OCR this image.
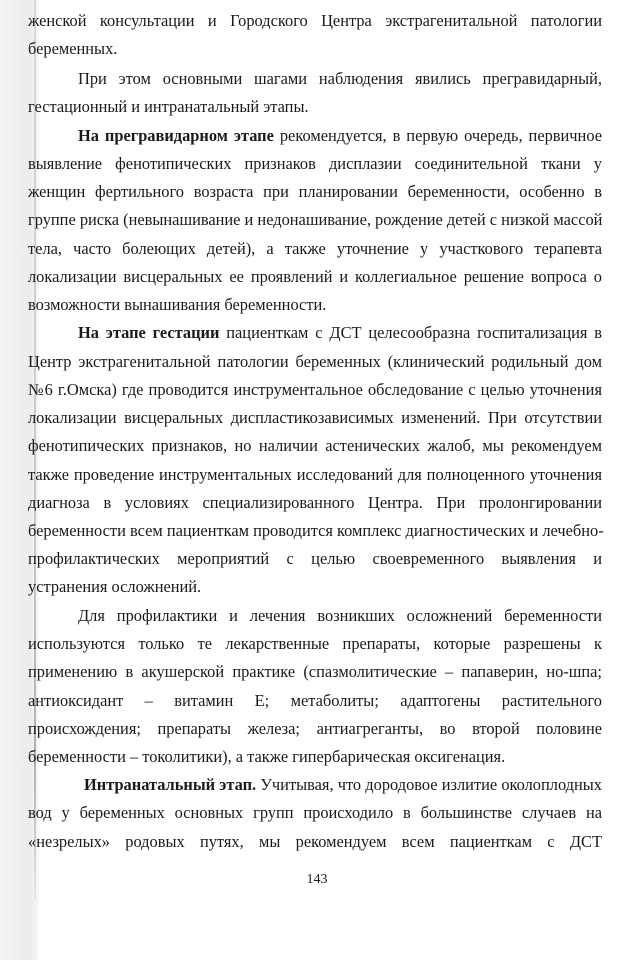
женской консультации и Городского Центра экстрагенитальной патологии
беременных.
При этом основными шагами наблюдения явились прегравидарный,
гестационный и интранатальный этапы.
На прегравидарном этапе рекомендуется, в первую очередь, первичное
выявление фенотипических признаков дисплазии соединительной ткани у
женщин фертильного возраста при планировании беременности, особенно в
группе риска (невынашивание и недонашивание, рождение детей с низкой массой
тела, часто болеющих детей), а также уточнение у участкового терапевта
локализации висцеральных ее проявлений и коллегиальное решение вопроса о
возможности вынашивания беременности.
На этапе гестации пациенткам с ДСТ целесообразна госпитализация в
Центр экстрагенитальной патологии беременных (клинический родильный дом
№6 г.Омска) где проводится инструментальное обследование с целью уточнения
локализации висцеральных диспластикозависимых изменений. При отсутствии
фенотипических признаков, но наличии астенических жалоб, мы рекомендуем
также проведение инструментальных исследований для полноценного уточнения
диагноза в условиях специализированного Центра. При пролонгировании
беременности всем пациенткам проводится комплекс диагностических и лечебно-
профилактических мероприятий с целью своевременного выявления и
устранения осложнений.
Для профилактики и лечения возникших осложнений беременности
используются только те лекарственные препараты, которые разрешены к
применению в акушерской практике (спазмолитические – папаверин, но-шпа;
антиоксидант – витамин Е; метаболиты; адаптогены растительного
происхождения; препараты железа; антиагреганты, во второй половине
беременности – токолитики), а также гипербарическая оксигенация.
Интранатальный этап. Учитывая, что дородовое излитие околоплодных
вод у беременных основных групп происходило в большинстве случаев на
«незрелых» родовых путях, мы рекомендуем всем пациенткам с ДСТ
143
